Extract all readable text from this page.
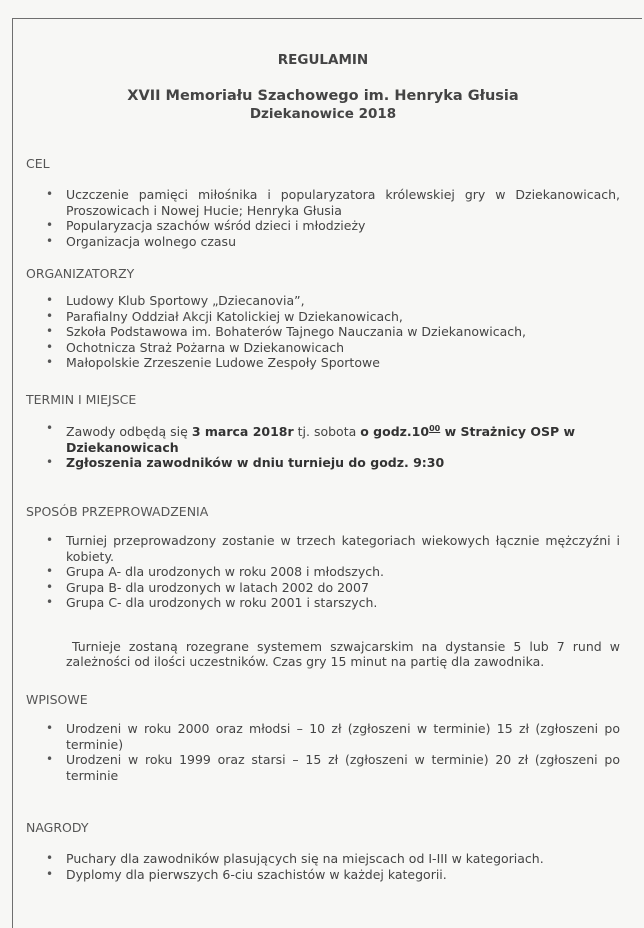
REGULAMIN
XVII Memoriału Szachowego im. Henryka Głusia
Dziekanowice 2018
CEL
• Uczczenie pamięci miłośnika i popularyzatora królewskiej gry w Dziekanowicach, Proszowicach i Nowej Hucie; Henryka Głusia
• Popularyzacja szachów wśród dzieci i młodzieży
• Organizacja wolnego czasu
ORGANIZATORZY
• Ludowy Klub Sportowy „Dziecanovia”,
• Parafialny Oddział Akcji Katolickiej w Dziekanowicach,
• Szkoła Podstawowa im. Bohaterów Tajnego Nauczania w Dziekanowicach,
• Ochotnicza Straż Pożarna w Dziekanowicach
• Małopolskie Zrzeszenie Ludowe Zespoły Sportowe
TERMIN I MIEJSCE
• Zawody odbędą się 3 marca 2018r tj. sobota o $godz.10^{00}$ w Strażnicy OSP w Dziekanowicach
• Zgłoszenia zawodników w dniu turnieju do godz. 9:30
SPOSÓB PRZEPROWADZENIA
• Turniej przeprowadzony zostanie w trzech kategoriach wiekowych łącznie mężczyźni i kobiety.
• Grupa A- dla urodzonych w roku 2008 i młodszych.
• Grupa B- dla urodzonych w latach 2002 do 2007
• Grupa C- dla urodzonych w roku 2001 i starszych.
Turnieje zostaną rozegrane systemem szwajcarskim na dystansie 5 lub 7 rund w zależności od ilości uczestników. Czas gry 15 minut na partię dla zawodnika.
WPISOWE
• Urodzeni w roku 2000 oraz młodsi – 10 zł (zgłoszeni w terminie) 15 zł (zgłoszeni po terminie)
• Urodzeni w roku 1999 oraz starsi – 15 zł (zgłoszeni w terminie) 20 zł (zgłoszeni po terminie
NAGRODY
• Puchary dla zawodników plasujących się na miejscach od I-III w kategoriach.
• Dyplomy dla pierwszych 6-ciu szachistów w każdej kategorii.
